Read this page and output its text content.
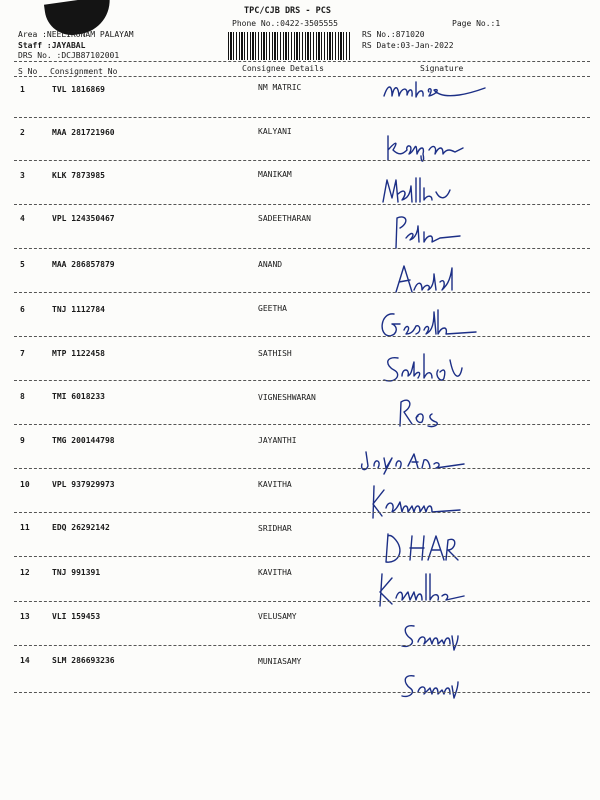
TPC/CJB DRS - PCS
Phone No.:0422-3505555	Page No.:1
RS No.:871020
RS Date:03-Jan-2022
Area :NEELIKONAM PALAYAM
Staff :JAYABAL
DRS No. :DCJB87102001
S No Consignment No	Consignee Details	Signature
1	TVL 1816869	NM MATRIC
2	MAA 281721960	KALYANI
3	KLK 7873985	MANIKAM
4	VPL 124350467	SADEETHARAN
5	MAA 286857879	ANAND
6	TNJ 1112784	GEETHA
7	MTP 1122458	SATHISH
8	TMI 6018233	VIGNESHWARAN
9	TMG 200144798	JAYANTHI
10	VPL 937929973	KAVITHA
11	EDQ 26292142	SRIDHAR
12	TNJ 991391	KAVITHA
13	VLI 159453	VELUSAMY
14	SLM 286693236	MUNIASAMY
